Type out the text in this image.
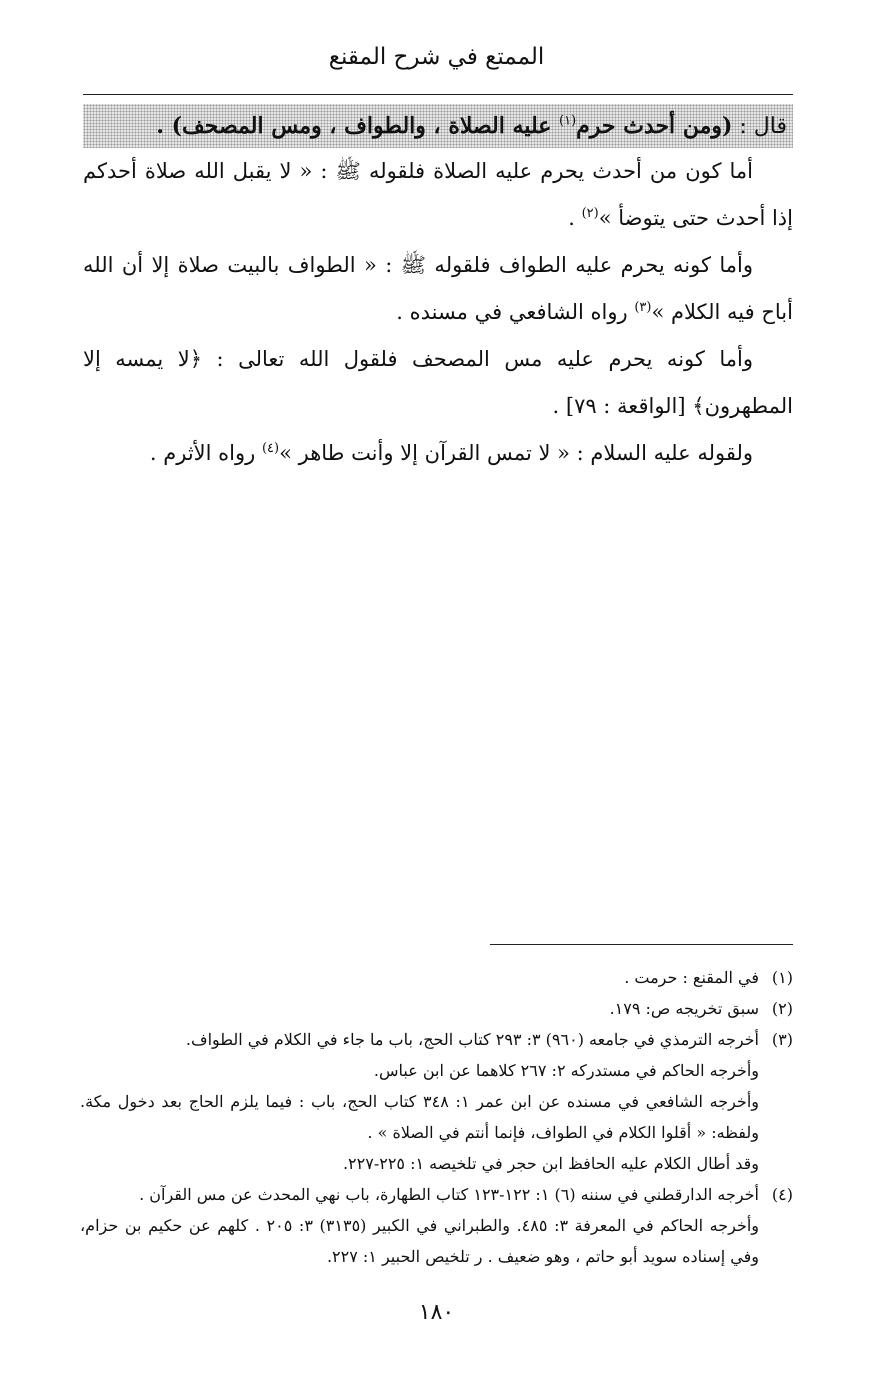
الممتع في شرح المقنع
قال : (ومن أحدث حرم$^{(١)}$ عليه الصلاة ، والطواف ، ومس المصحف) .

أما كون من أحدث يحرم عليه الصلاة فلقوله ﷺ : « لا يقبل الله صلاة أحدكم إذا أحدث حتى يتوضأ »$^{(٢)}$ .

وأما كونه يحرم عليه الطواف فلقوله ﷺ : « الطواف بالبيت صلاة إلا أن الله أباح فيه الكلام »$^{(٣)}$ رواه الشافعي في مسنده .

وأما كونه يحرم عليه مس المصحف فلقول الله تعالى : ﴿لا يمسه إلا المطهرون﴾ [الواقعة : ٧٩] .

ولقوله عليه السلام : « لا تمس القرآن إلا وأنت طاهر »$^{(٤)}$ رواه الأثرم .

(١)
في المقنع : حرمت .
(٢)
سبق تخريجه ص: ١٧٩.
(٣)
أخرجه الترمذي في جامعه (٩٦٠) ٣: ٢٩٣ كتاب الحج، باب ما جاء في الكلام في الطواف.
وأخرجه الحاكم في مستدركه ٢: ٢٦٧ كلاهما عن ابن عباس.
وأخرجه الشافعي في مسنده عن ابن عمر ١: ٣٤٨ كتاب الحج، باب : فيما يلزم الحاج بعد دخول مكة. ولفظه: « أقلوا الكلام في الطواف، فإنما أنتم في الصلاة » .
وقد أطال الكلام عليه الحافظ ابن حجر في تلخيصه ١: ٢٢٥-٢٢٧.
(٤)
أخرجه الدارقطني في سننه (٦) ١: ١٢٢-١٢٣ كتاب الطهارة، باب نهي المحدث عن مس القرآن .
وأخرجه الحاكم في المعرفة ٣: ٤٨٥. والطبراني في الكبير (٣١٣٥) ٣: ٢٠٥ . كلهم عن حكيم بن حزام، وفي إسناده سويد أبو حاتم ، وهو ضعيف . ر تلخيص الحبير ١: ٢٢٧.
١٨٠
